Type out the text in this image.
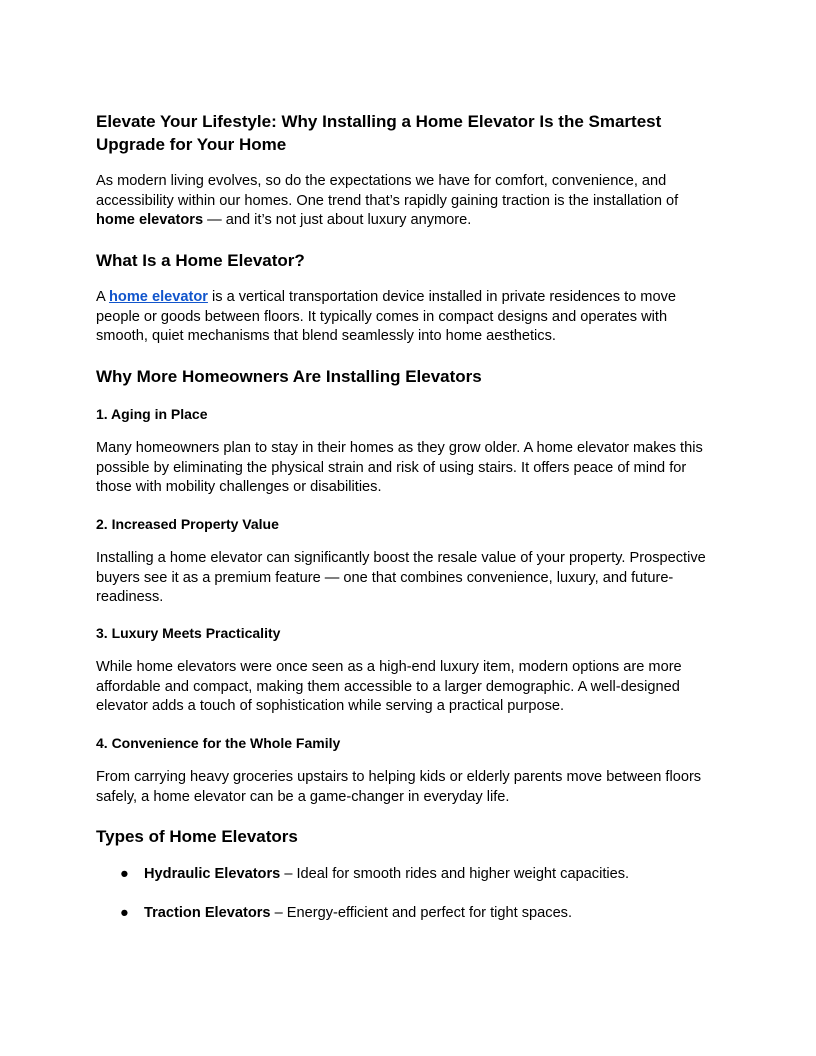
Elevate Your Lifestyle: Why Installing a Home Elevator Is the Smartest Upgrade for Your Home

As modern living evolves, so do the expectations we have for comfort, convenience, and accessibility within our homes. One trend that’s rapidly gaining traction is the installation of home elevators — and it’s not just about luxury anymore.

What Is a Home Elevator?

A home elevator is a vertical transportation device installed in private residences to move people or goods between floors. It typically comes in compact designs and operates with smooth, quiet mechanisms that blend seamlessly into home aesthetics.

Why More Homeowners Are Installing Elevators
1. Aging in Place

Many homeowners plan to stay in their homes as they grow older. A home elevator makes this possible by eliminating the physical strain and risk of using stairs. It offers peace of mind for those with mobility challenges or disabilities.

2. Increased Property Value

Installing a home elevator can significantly boost the resale value of your property. Prospective buyers see it as a premium feature — one that combines convenience, luxury, and future-readiness.

3. Luxury Meets Practicality

While home elevators were once seen as a high-end luxury item, modern options are more affordable and compact, making them accessible to a larger demographic. A well-designed elevator adds a touch of sophistication while serving a practical purpose.

4. Convenience for the Whole Family

From carrying heavy groceries upstairs to helping kids or elderly parents move between floors safely, a home elevator can be a game-changer in everyday life.

Types of Home Elevators
● Hydraulic Elevators – Ideal for smooth rides and higher weight capacities.
● Traction Elevators – Energy-efficient and perfect for tight spaces.
